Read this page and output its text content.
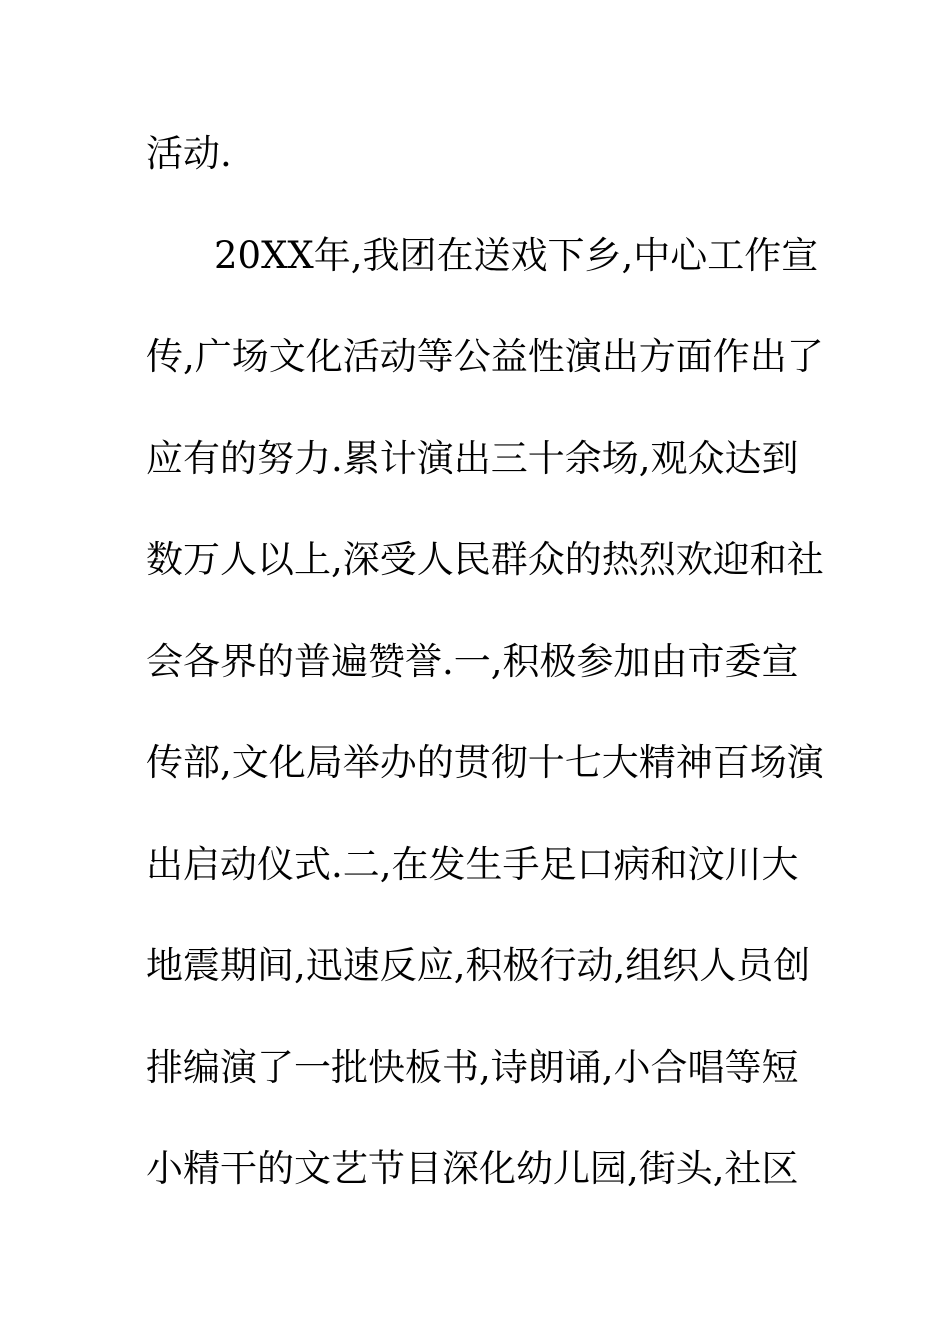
活动.
20XX年,我团在送戏下乡,中心工作宣
传,广场文化活动等公益性演出方面作出了
应有的努力.累计演出三十余场,观众达到
数万人以上,深受人民群众的热烈欢迎和社
会各界的普遍赞誉.一,积极参加由市委宣
传部,文化局举办的贯彻十七大精神百场演
出启动仪式.二,在发生手足口病和汶川大
地震期间,迅速反应,积极行动,组织人员创
排编演了一批快板书,诗朗诵,小合唱等短
小精干的文艺节目深化幼儿园,街头,社区
